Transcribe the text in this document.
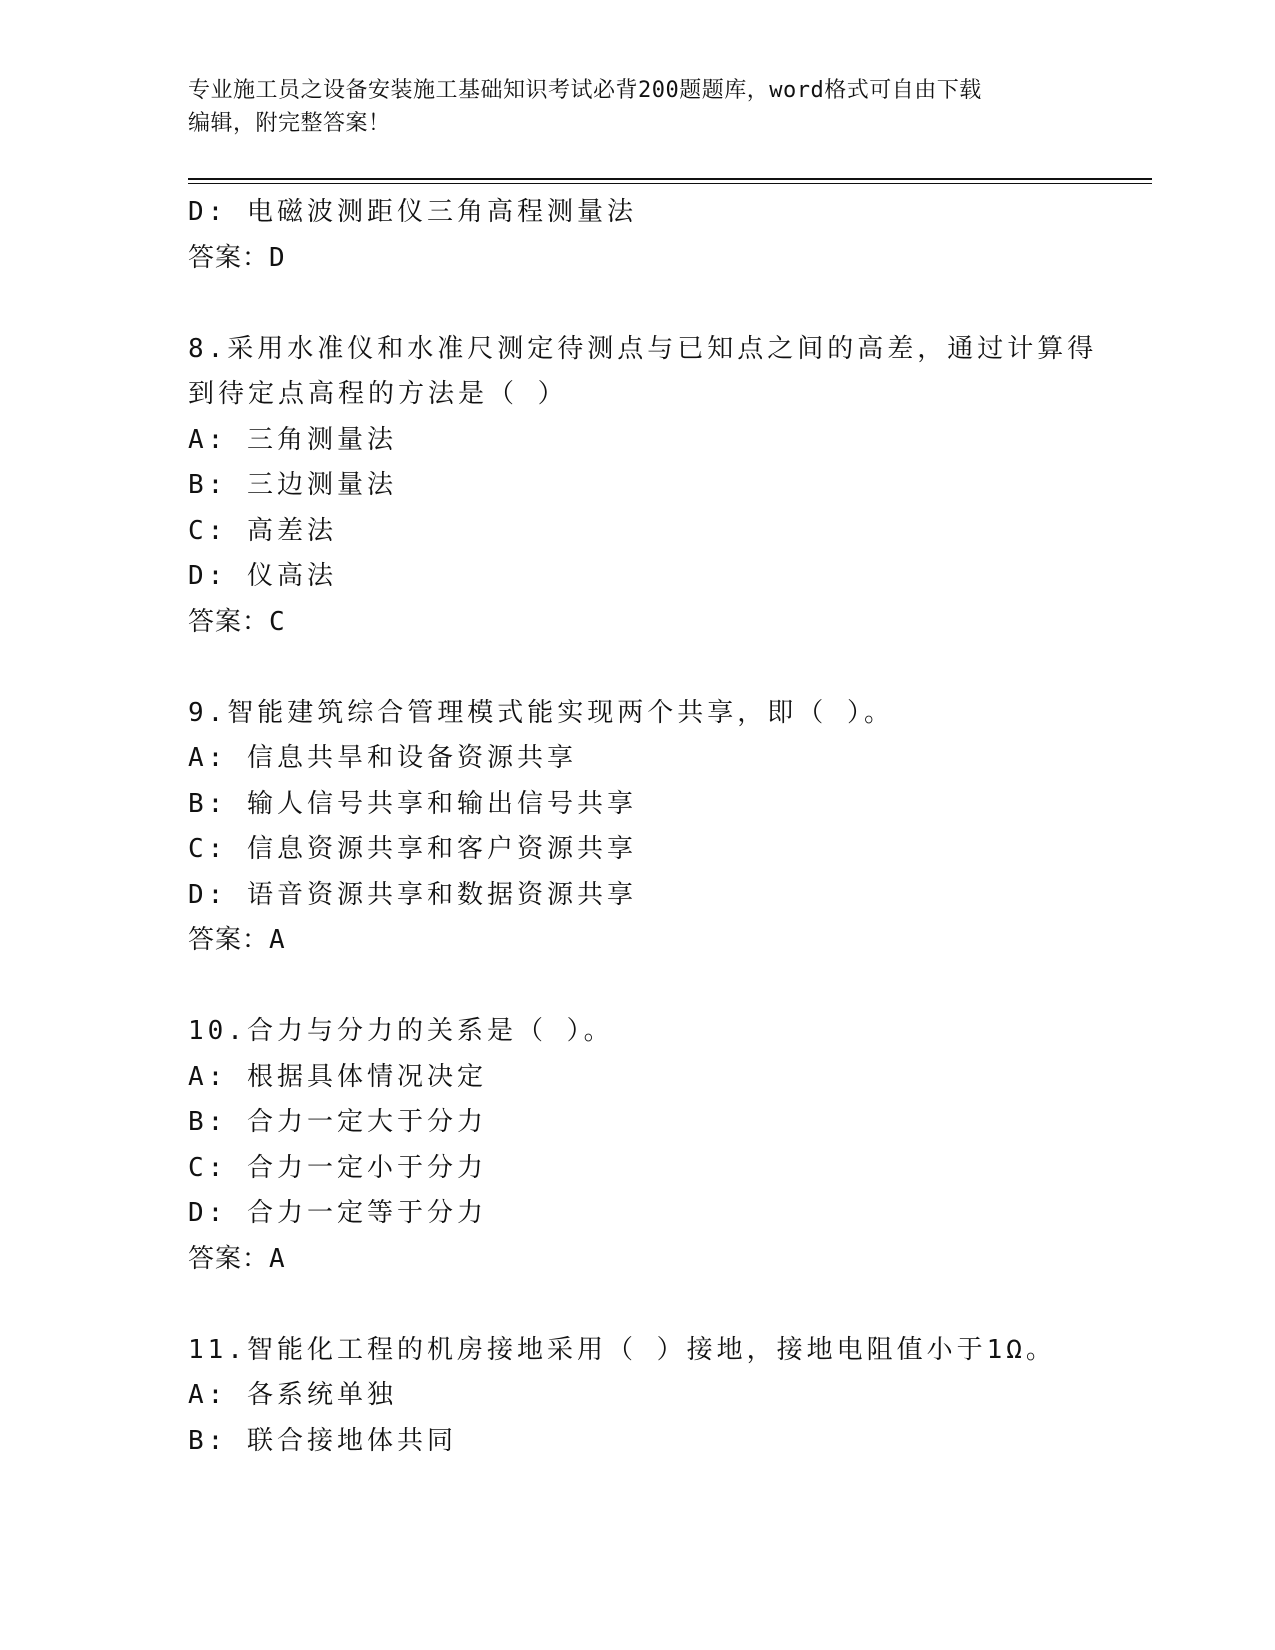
专业施工员之设备安装施工基础知识考试必背200题题库，word格式可自由下载
编辑，附完整答案！
D: 电磁波测距仪三角高程测量法
答案：D
8.采用水准仪和水准尺测定待测点与已知点之间的高差，通过计算得
到待定点高程的方法是（ ）
A: 三角测量法
B: 三边测量法
C: 高差法
D: 仪高法
答案：C
9.智能建筑综合管理模式能实现两个共享，即（ ）。
A: 信息共旱和设备资源共享
B: 输人信号共享和输出信号共享
C: 信息资源共享和客户资源共享
D: 语音资源共享和数据资源共享
答案：A
10.合力与分力的关系是（ ）。
A: 根据具体情况决定
B: 合力一定大于分力
C: 合力一定小于分力
D: 合力一定等于分力
答案：A
11.智能化工程的机房接地采用（ ）接地，接地电阻值小于1Ω。
A: 各系统单独
B: 联合接地体共同
